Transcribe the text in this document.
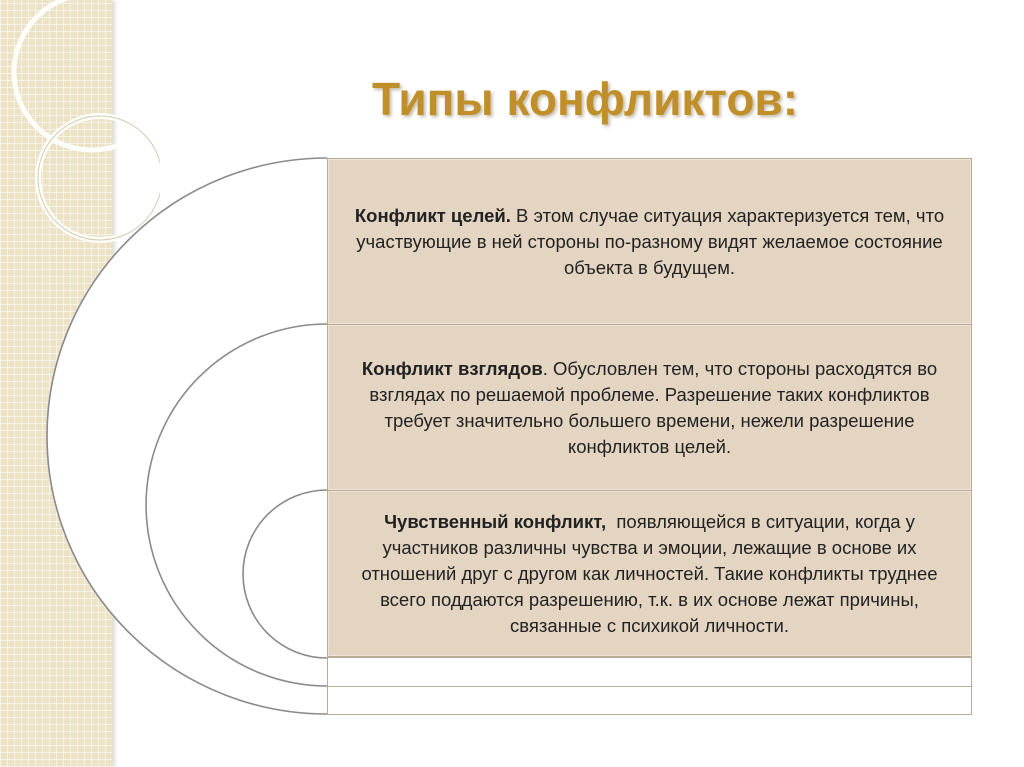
Типы конфликтов:

Конфликт целей. В этом случае ситуация характеризуется тем, что участвующие в ней стороны по-разному видят желаемое состояние объекта в будущем.

Конфликт взглядов. Обусловлен тем, что стороны расходятся во взглядах по решаемой проблеме. Разрешение таких конфликтов требует значительно большего времени, нежели разрешение конфликтов целей.

Чувственный конфликт,  появляющейся в ситуации, когда у участников различны чувства и эмоции, лежащие в основе их отношений друг с другом как личностей. Такие конфликты труднее всего поддаются разрешению, т.к. в их основе лежат причины, связанные с психикой личности.
